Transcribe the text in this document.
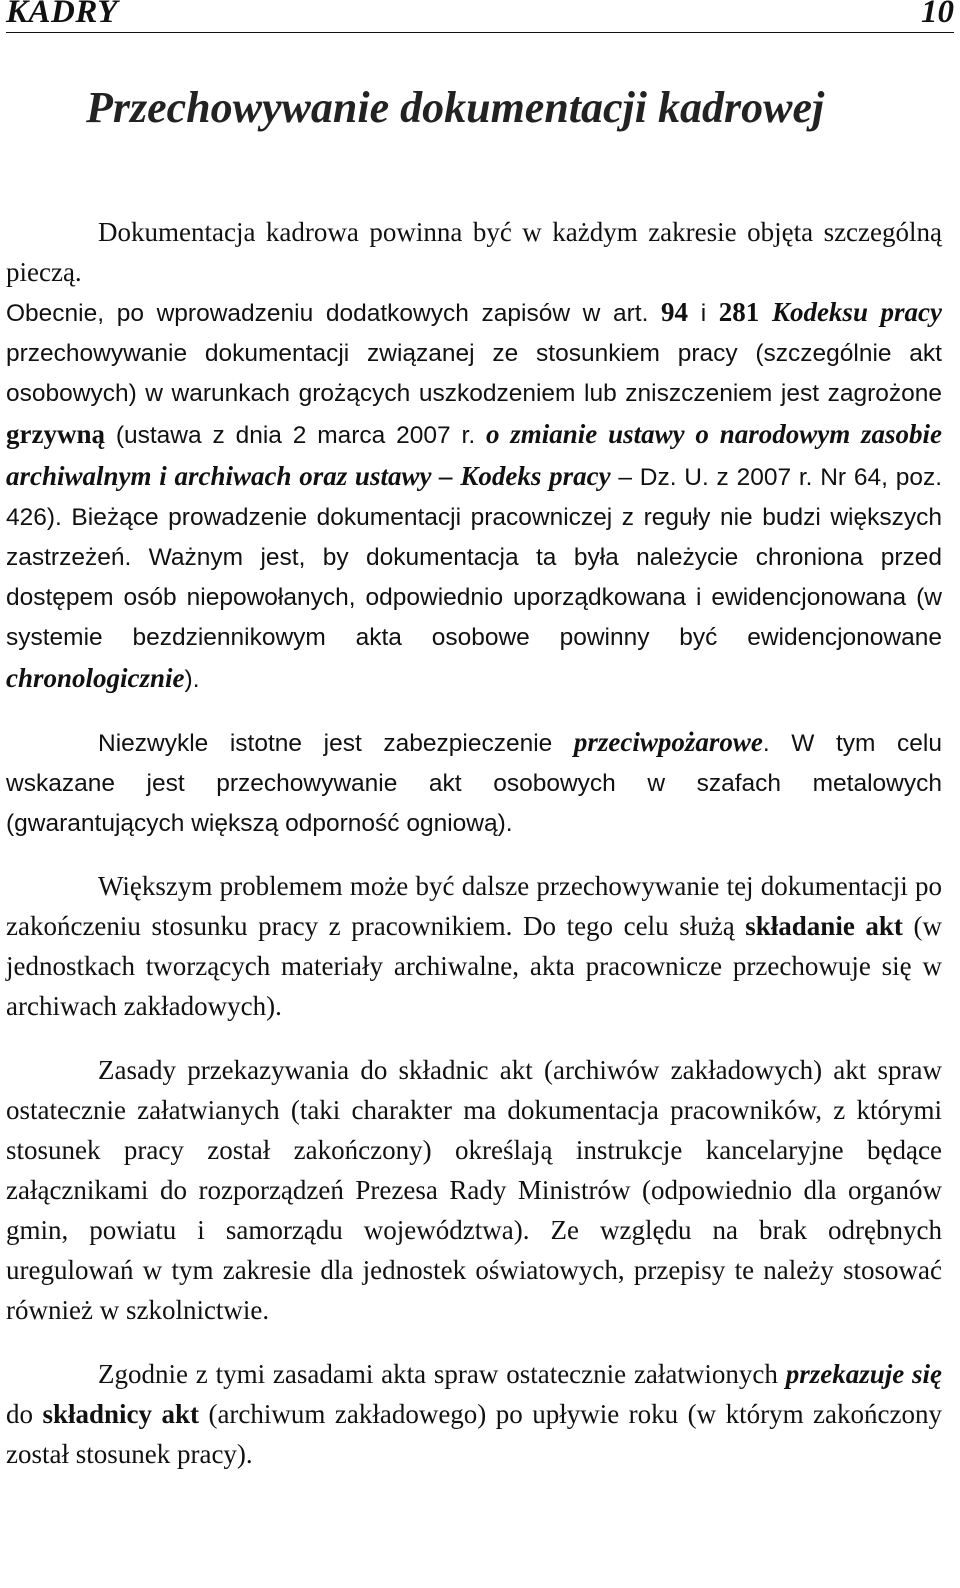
KADRY	10
Przechowywanie dokumentacji kadrowej

Dokumentacja kadrowa powinna być w każdym zakresie objęta szczególną pieczą.

Obecnie, po wprowadzeniu dodatkowych zapisów w art. 94 i 281 Kodeksu pracy przechowywanie dokumentacji związanej ze stosunkiem pracy (szczególnie akt osobowych) w warunkach grożących uszkodzeniem lub zniszczeniem jest zagrożone grzywną (ustawa z dnia 2 marca 2007 r. o zmianie ustawy o narodowym zasobie archiwalnym i archiwach oraz ustawy – Kodeks pracy – Dz. U. z 2007 r. Nr 64, poz. 426). Bieżące prowadzenie dokumentacji pracowniczej z reguły nie budzi większych zastrzeżeń. Ważnym jest, by dokumentacja ta była należycie chroniona przed dostępem osób niepowołanych, odpowiednio uporządkowana i ewidencjonowana (w systemie bezdziennikowym akta osobowe powinny być ewidencjonowane chronologicznie).

Niezwykle istotne jest zabezpieczenie przeciwpożarowe. W tym celu wskazane jest przechowywanie akt osobowych w szafach metalowych (gwarantujących większą odporność ogniową).

Większym problemem może być dalsze przechowywanie tej dokumentacji po zakończeniu stosunku pracy z pracownikiem. Do tego celu służą składanie akt (w jednostkach tworzących materiały archiwalne, akta pracownicze przechowuje się w archiwach zakładowych).

Zasady przekazywania do składnic akt (archiwów zakładowych) akt spraw ostatecznie załatwianych (taki charakter ma dokumentacja pracowników, z którymi stosunek pracy został zakończony) określają instrukcje kancelaryjne będące załącznikami do rozporządzeń Prezesa Rady Ministrów (odpowiednio dla organów gmin, powiatu i samorządu województwa). Ze względu na brak odrębnych uregulowań w tym zakresie dla jednostek oświatowych, przepisy te należy stosować również w szkolnictwie.

Zgodnie z tymi zasadami akta spraw ostatecznie załatwionych przekazuje się do składnicy akt (archiwum zakładowego) po upływie roku (w którym zakończony został stosunek pracy).
